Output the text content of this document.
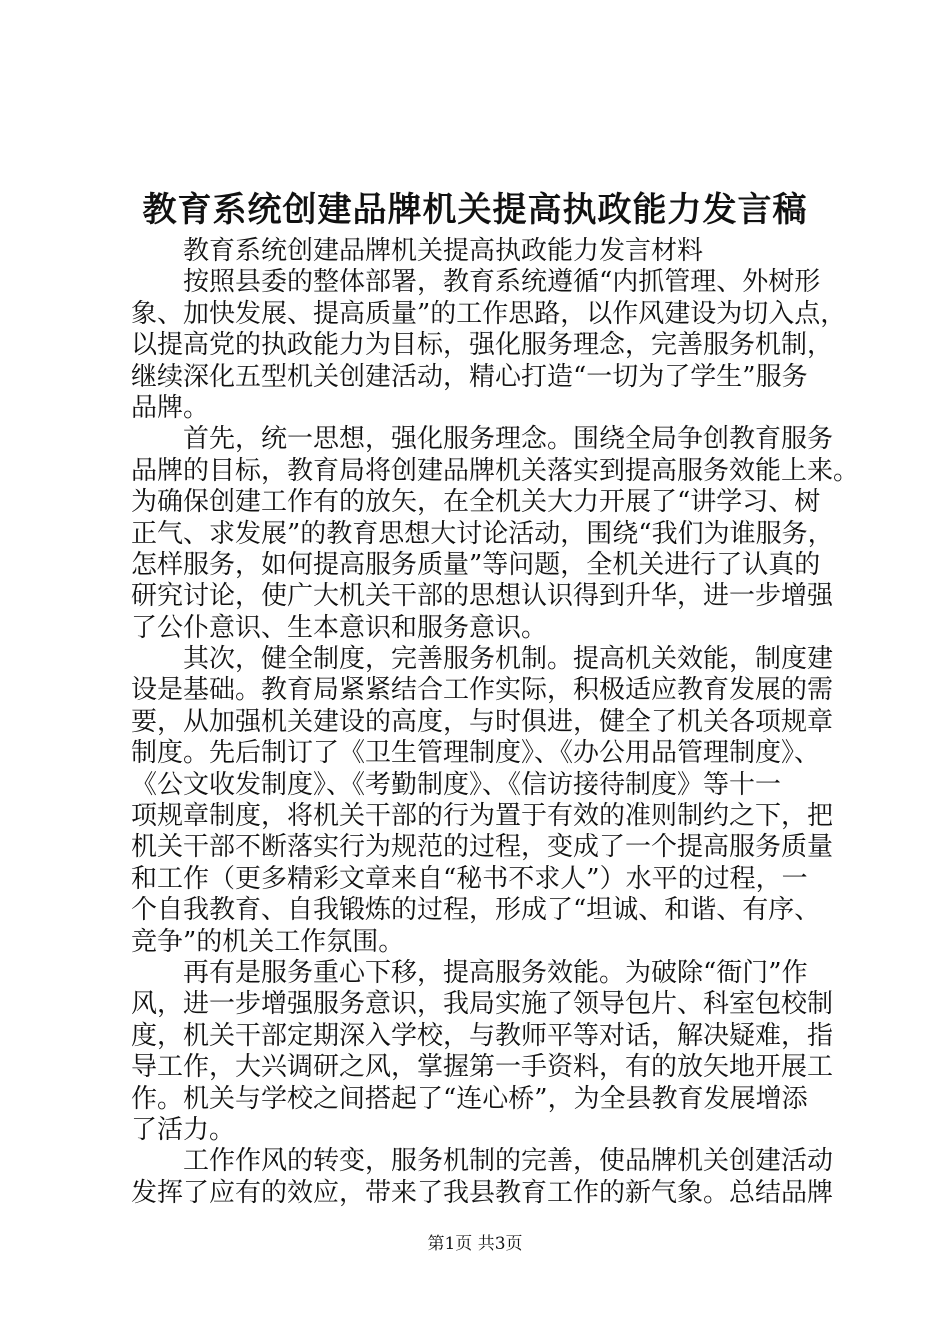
教育系统创建品牌机关提高执政能力发言稿
教育系统创建品牌机关提高执政能力发言材料
按照县委的整体部署，教育系统遵循“内抓管理、外树形
象、加快发展、提高质量”的工作思路，以作风建设为切入点，
以提高党的执政能力为目标，强化服务理念，完善服务机制，
继续深化五型机关创建活动，精心打造“一切为了学生”服务
品牌。
首先，统一思想，强化服务理念。围绕全局争创教育服务
品牌的目标，教育局将创建品牌机关落实到提高服务效能上来。
为确保创建工作有的放矢，在全机关大力开展了“讲学习、树
正气、求发展”的教育思想大讨论活动，围绕“我们为谁服务，
怎样服务，如何提高服务质量”等问题，全机关进行了认真的
研究讨论，使广大机关干部的思想认识得到升华，进一步增强
了公仆意识、生本意识和服务意识。
其次，健全制度，完善服务机制。提高机关效能，制度建
设是基础。教育局紧紧结合工作实际，积极适应教育发展的需
要，从加强机关建设的高度，与时俱进，健全了机关各项规章
制度。先后制订了《卫生管理制度》、《办公用品管理制度》、
《公文收发制度》、《考勤制度》、《信访接待制度》等十一
项规章制度，将机关干部的行为置于有效的准则制约之下，把
机关干部不断落实行为规范的过程，变成了一个提高服务质量
和工作（更多精彩文章来自“秘书不求人”）水平的过程，一
个自我教育、自我锻炼的过程，形成了“坦诚、和谐、有序、
竞争”的机关工作氛围。
再有是服务重心下移，提高服务效能。为破除“衙门”作
风，进一步增强服务意识，我局实施了领导包片、科室包校制
度，机关干部定期深入学校，与教师平等对话，解决疑难，指
导工作，大兴调研之风，掌握第一手资料，有的放矢地开展工
作。机关与学校之间搭起了“连心桥”，为全县教育发展增添
了活力。
工作作风的转变，服务机制的完善，使品牌机关创建活动
发挥了应有的效应，带来了我县教育工作的新气象。总结品牌
第1页 共3页
